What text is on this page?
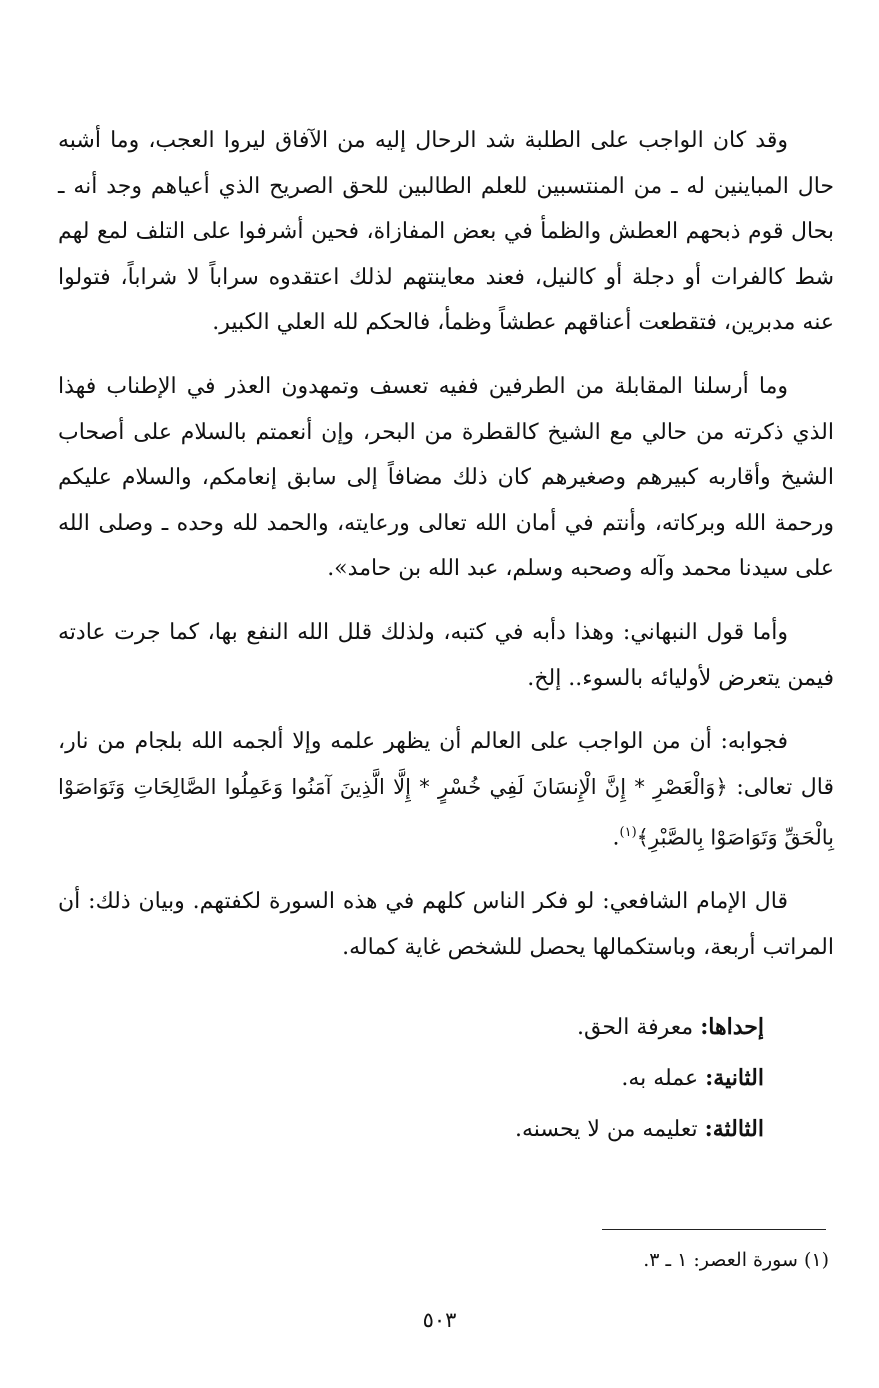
وقد كان الواجب على الطلبة شد الرحال إليه من الآفاق ليروا العجب، وما أشبه حال المباينين له ـ من المنتسبين للعلم الطالبين للحق الصريح الذي أعياهم وجد أنه ـ بحال قوم ذبحهم العطش والظمأ في بعض المفازاة، فحين أشرفوا على التلف لمع لهم شط كالفرات أو دجلة أو كالنيل، فعند معاينتهم لذلك اعتقدوه سراباً لا شراباً، فتولوا عنه مدبرين، فتقطعت أعناقهم عطشاً وظمأ، فالحكم لله العلي الكبير.

وما أرسلنا المقابلة من الطرفين ففيه تعسف وتمهدون العذر في الإطناب فهذا الذي ذكرته من حالي مع الشيخ كالقطرة من البحر، وإن أنعمتم بالسلام على أصحاب الشيخ وأقاربه كبيرهم وصغيرهم كان ذلك مضافاً إلى سابق إنعامكم، والسلام عليكم ورحمة الله وبركاته، وأنتم في أمان الله تعالى ورعايته، والحمد لله وحده ـ وصلى الله على سيدنا محمد وآله وصحبه وسلم، عبد الله بن حامد».

وأما قول النبهاني: وهذا دأبه في كتبه، ولذلك قلل الله النفع بها، كما جرت عادته فيمن يتعرض لأوليائه بالسوء.. إلخ.

فجوابه: أن من الواجب على العالم أن يظهر علمه وإلا ألجمه الله بلجام من نار، قال تعالى: ﴿وَالْعَصْرِ * إِنَّ الْإِنسَانَ لَفِي خُسْرٍ * إِلَّا الَّذِينَ آمَنُوا وَعَمِلُوا الصَّالِحَاتِ وَتَوَاصَوْا بِالْحَقِّ وَتَوَاصَوْا بِالصَّبْرِ﴾$^{(١)}$.

قال الإمام الشافعي: لو فكر الناس كلهم في هذه السورة لكفتهم. وبيان ذلك: أن المراتب أربعة، وباستكمالها يحصل للشخص غاية كماله.

إحداها: معرفة الحق.

الثانية: عمله به.

الثالثة: تعليمه من لا يحسنه.

(١) سورة العصر: ١ ـ ٣.
٥٠٣
